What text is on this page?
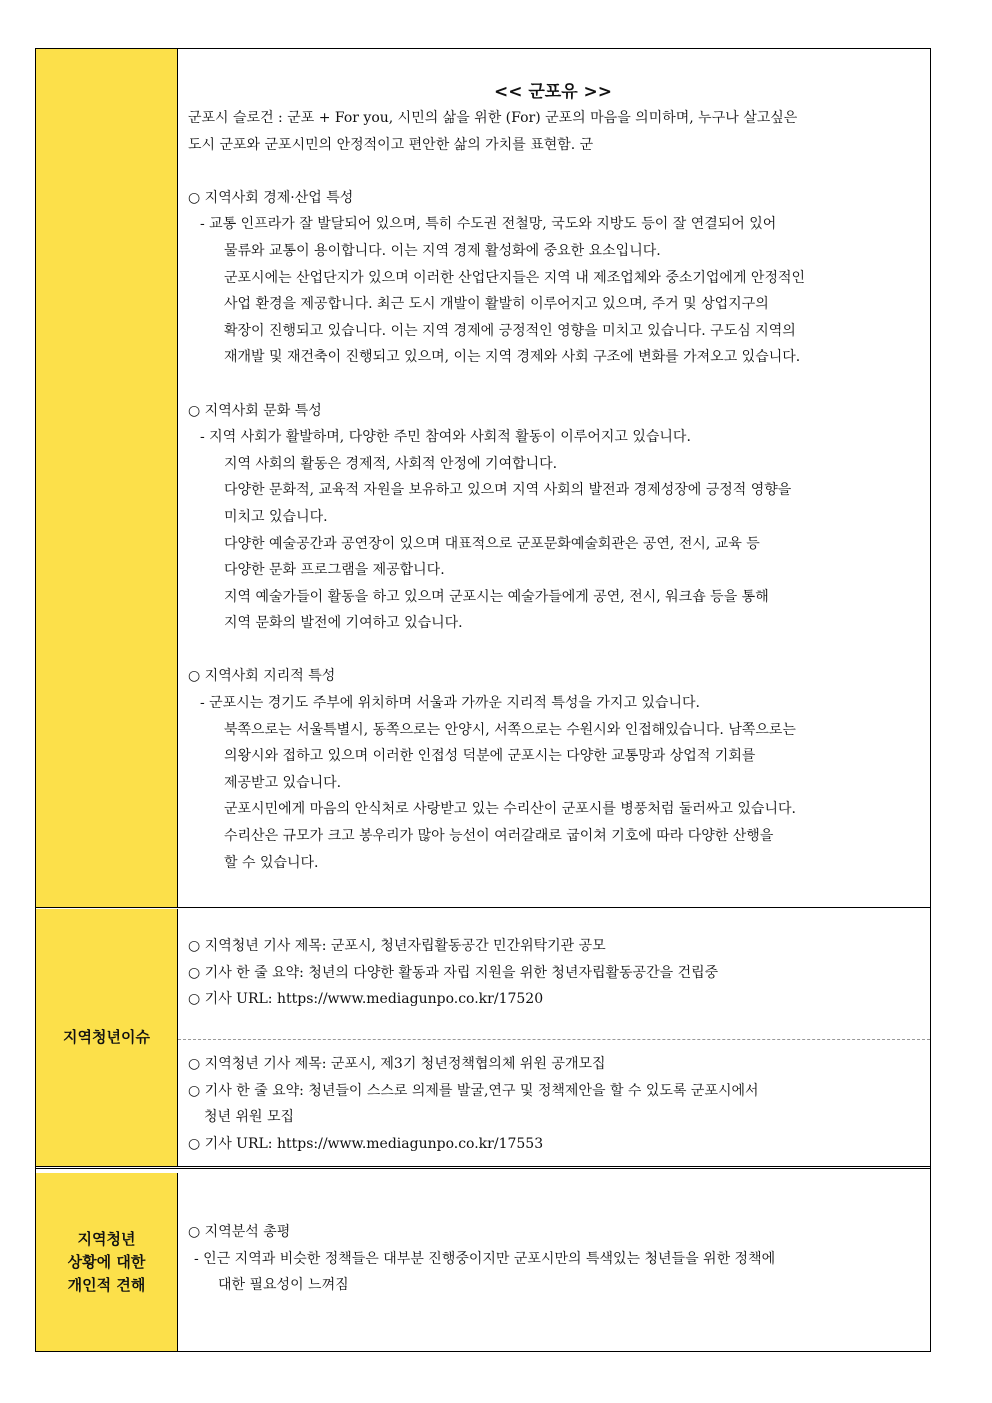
<< 군포유 >>

군포시 슬로건 : 군포 + For you, 시민의 삶을 위한 (For) 군포의 마음을 의미하며, 누구나 살고싶은

도시 군포와 군포시민의 안정적이고 편안한 삶의 가치를 표현함. 군

○ 지역사회 경제·산업 특성

- 교통 인프라가 잘 발달되어 있으며, 특히 수도권 전철망, 국도와 지방도 등이 잘 연결되어 있어

물류와 교통이 용이합니다. 이는 지역 경제 활성화에 중요한 요소입니다.

군포시에는 산업단지가 있으며 이러한 산업단지들은 지역 내 제조업체와 중소기업에게 안정적인

사업 환경을 제공합니다. 최근 도시 개발이 활발히 이루어지고 있으며, 주거 및 상업지구의

확장이 진행되고 있습니다. 이는 지역 경제에 긍정적인 영향을 미치고 있습니다. 구도심 지역의

재개발 및 재건축이 진행되고 있으며, 이는 지역 경제와 사회 구조에 변화를 가져오고 있습니다.

○ 지역사회 문화 특성

- 지역 사회가 활발하며, 다양한 주민 참여와 사회적 활동이 이루어지고 있습니다.

지역 사회의 활동은 경제적, 사회적 안정에 기여합니다.

다양한 문화적, 교육적 자원을 보유하고 있으며 지역 사회의 발전과 경제성장에 긍정적 영향을

미치고 있습니다.

다양한 예술공간과 공연장이 있으며 대표적으로 군포문화예술회관은 공연, 전시, 교육 등

다양한 문화 프로그램을 제공합니다.

지역 예술가들이 활동을 하고 있으며 군포시는 예술가들에게 공연, 전시, 워크숍 등을 통해

지역 문화의 발전에 기여하고 있습니다.

○ 지역사회 지리적 특성

- 군포시는 경기도 주부에 위치하며 서울과 가까운 지리적 특성을 가지고 있습니다.

북쪽으로는 서울특별시, 동쪽으로는 안양시, 서쪽으로는 수원시와 인접해있습니다. 남쪽으로는

의왕시와 접하고 있으며 이러한 인접성 덕분에 군포시는 다양한 교통망과 상업적 기회를

제공받고 있습니다.

군포시민에게 마음의 안식처로 사랑받고 있는 수리산이 군포시를 병풍처럼 둘러싸고 있습니다.

수리산은 규모가 크고 봉우리가 많아 능선이 여러갈래로 굽이쳐 기호에 따라 다양한 산행을

할 수 있습니다.

지역청년이슈

○ 지역청년 기사 제목: 군포시, 청년자립활동공간 민간위탁기관 공모

○ 기사 한 줄 요약: 청년의 다양한 활동과 자립 지원을 위한 청년자립활동공간을 건립중

○ 기사 URL: https://www.mediagunpo.co.kr/17520

○ 지역청년 기사 제목: 군포시, 제3기 청년정책협의체 위원 공개모집

○ 기사 한 줄 요약: 청년들이 스스로 의제를 발굴,연구 및 정책제안을 할 수 있도록 군포시에서

청년 위원 모집

○ 기사 URL: https://www.mediagunpo.co.kr/17553

지역청년
상황에 대한
개인적 견해

○ 지역분석 총평

- 인근 지역과 비슷한 정책들은 대부분 진행중이지만 군포시만의 특색있는 청년들을 위한 정책에

대한 필요성이 느껴짐
